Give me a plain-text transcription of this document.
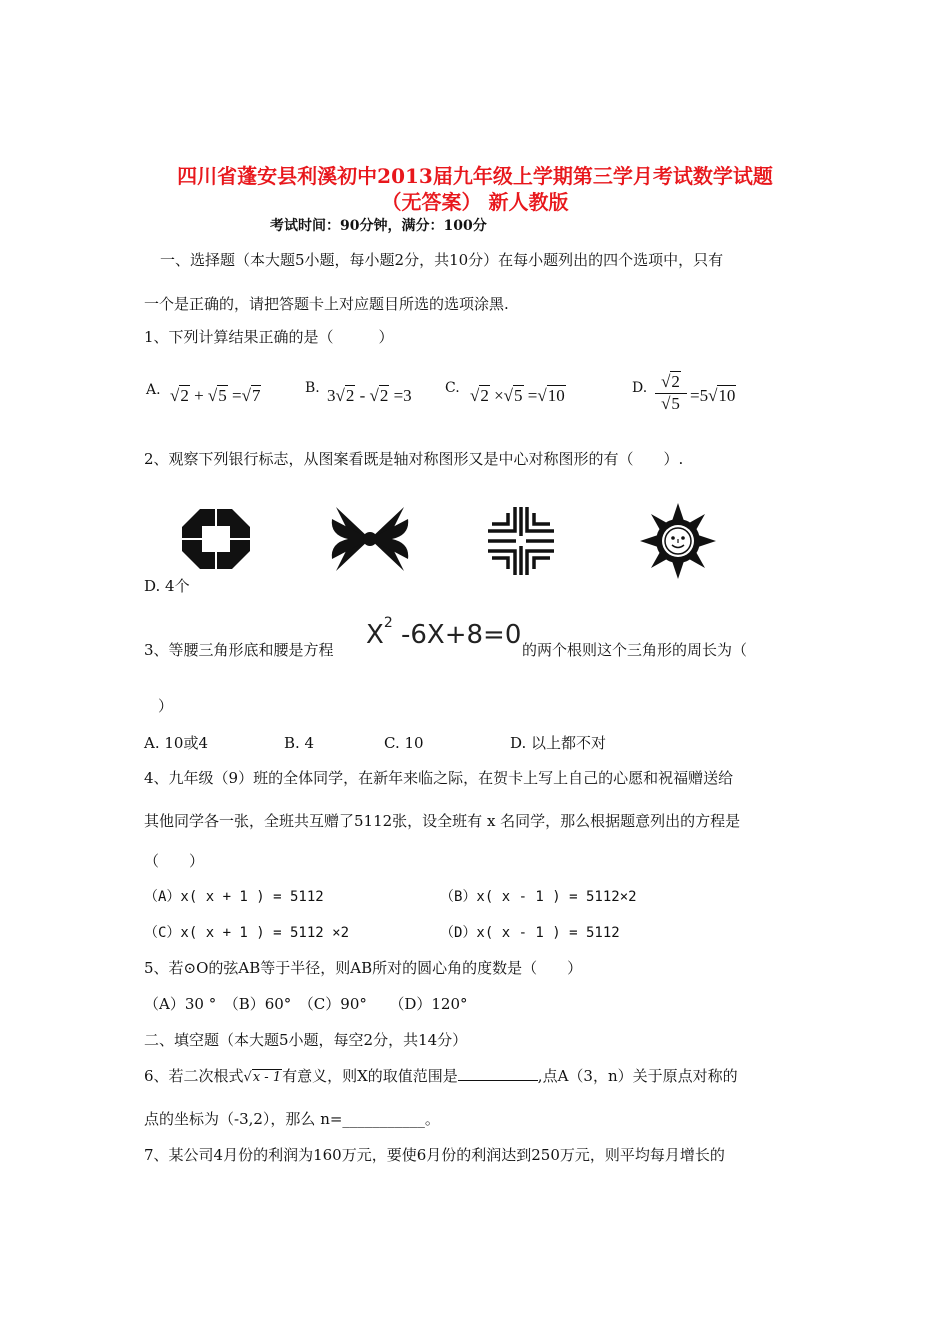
四川省蓬安县利溪初中2013届九年级上学期第三学月考试数学试题
（无答案） 新人教版
考试时间：90分钟，满分：100分
一、选择题（本大题5小题，每小题2分，共10分）在每小题列出的四个选项中，只有
一个是正确的，请把答题卡上对应题目所选的选项涂黑.
1、下列计算结果正确的是（　　　）
A. √2 + √5 =√7	B. 3√2 - √2 =3 C. √2 ×√5 =√10	D. $\frac{√2}{√5} =5√10$
2、观察下列银行标志，从图案看既是轴对称图形又是中心对称图形的有（　　）.
D. 4个
3、等腰三角形底和腰是方程 $X^2$ -6X+8=0 的两个根则这个三角形的周长为（
）
A. 10或4	B. 4	C. 10	D. 以上都不对
4、九年级（9）班的全体同学，在新年来临之际，在贺卡上写上自己的心愿和祝福赠送给
其他同学各一张，全班共互赠了5112张，设全班有 x 名同学，那么根据题意列出的方程是
（　　）
（A）x( x + 1 ) = 5112	（B）x( x - 1 ) = 5112×2
（C）x( x + 1 ) = 5112 ×2	（D）x( x - 1 ) = 5112
5、若⊙O的弦AB等于半径，则AB所对的圆心角的度数是（　　）
（A）30 °　（B）60°　（C）90°　　（D）120°
二、填空题（本大题5小题，每空2分，共14分）
6、若二次根式√x - 1有意义，则X的取值范围是	,点A（3，n）关于原点对称的
点的坐标为（-3,2），那么 n=___________。
7、某公司4月份的利润为160万元，要使6月份的利润达到250万元，则平均每月增长的
